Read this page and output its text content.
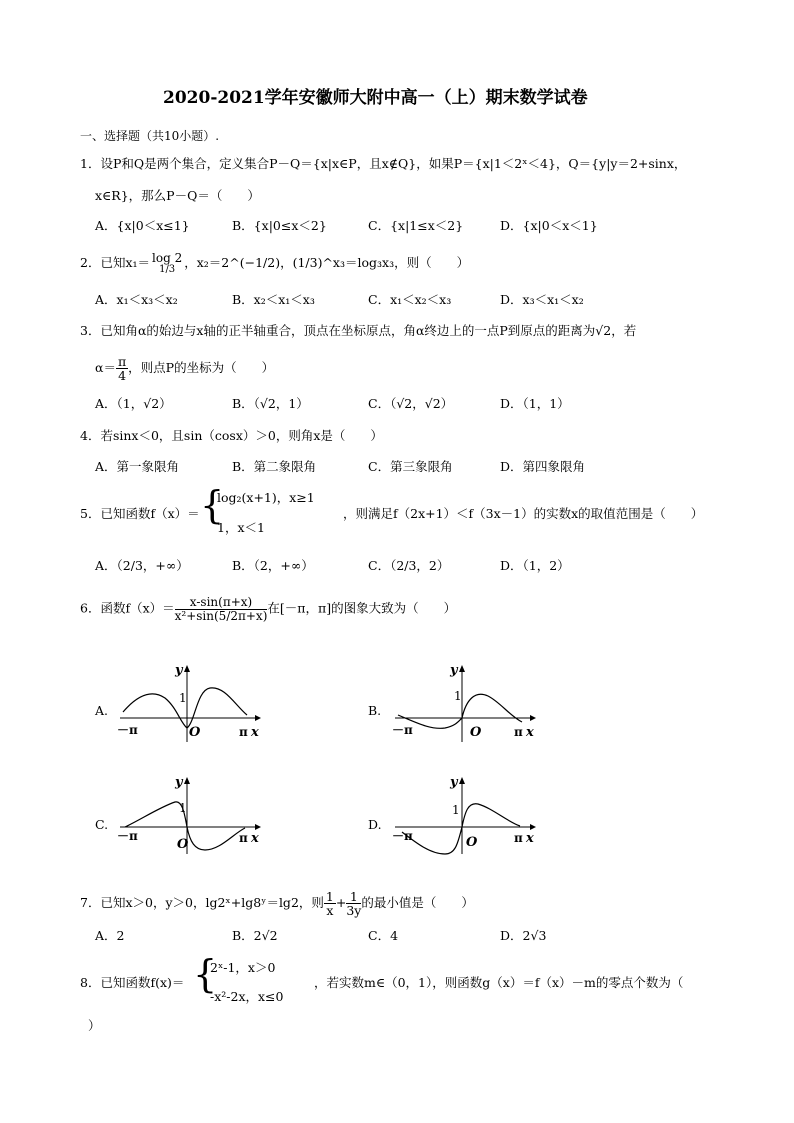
2020-2021学年安徽师大附中高一（上）期末数学试卷
一、选择题（共10小题）.
1．设P和Q是两个集合，定义集合P－Q＝{x|x∈P，且x∉Q}，如果P＝{x|1＜2ˣ＜4}，Q＝{y|y＝2+sinx，
x∈R}，那么P－Q＝（　　）
A．{x|0＜x≤1}	B．{x|0≤x＜2}	C．{x|1≤x＜2}	D．{x|0＜x＜1}
2．已知x₁＝ log 2
1/3 ，x₂＝2^(−1/2)，(1/3)^x₃＝log₃x₃，则（　　）
A．x₁＜x₃＜x₂	B．x₂＜x₁＜x₃	C．x₁＜x₂＜x₃	D．x₃＜x₁＜x₂
3．已知角α的始边与x轴的正半轴重合，顶点在坐标原点，角α终边上的一点P到原点的距离为√2，若
$\alpha= \frac{\pi}{4}$ ，则点P的坐标为（　　）
A．（1，√2）	B．（√2，1）	C．（√2，√2）	D．（1，1）
4．若sinx＜0，且sin（cosx）＞0，则角x是（　　）
A．第一象限角	B．第二象限角	C．第三象限角	D．第四象限角
5．已知函数f（x）＝ {
log₂(x+1)，x≥1
1，x＜1
，则满足f（2x+1）＜f（3x－1）的实数x的取值范围是（　　）
A．（2/3，+∞）	B．（2，+∞）	C．（2/3，2）	D．（1，2）
6．函数$f(x)= \frac{x-\sin(\pi+x)}{\text{x²+sin(5/2π+x)}}$ 在[－π，π]的图象大致为（　　）
A.	B.
C.	D.
y
1
O
－π	π x
y
1
O
－π	π x
y
1
O
－π	π x
y
1
O
－π	π x
7．已知x＞0，y＞0，lg2ˣ+lg8ʸ＝lg2，则 $\frac{1}{x} + \frac{1}{3y}$ 的最小值是（　　）
A．2	B．2√2	C．4	D．2√3
8．已知函数f(x)＝ {
2ˣ-1，x＞0
-x²-2x，x≤0
，若实数m∈（0，1），则函数g（x）＝f（x）－m的零点个数为（
）
